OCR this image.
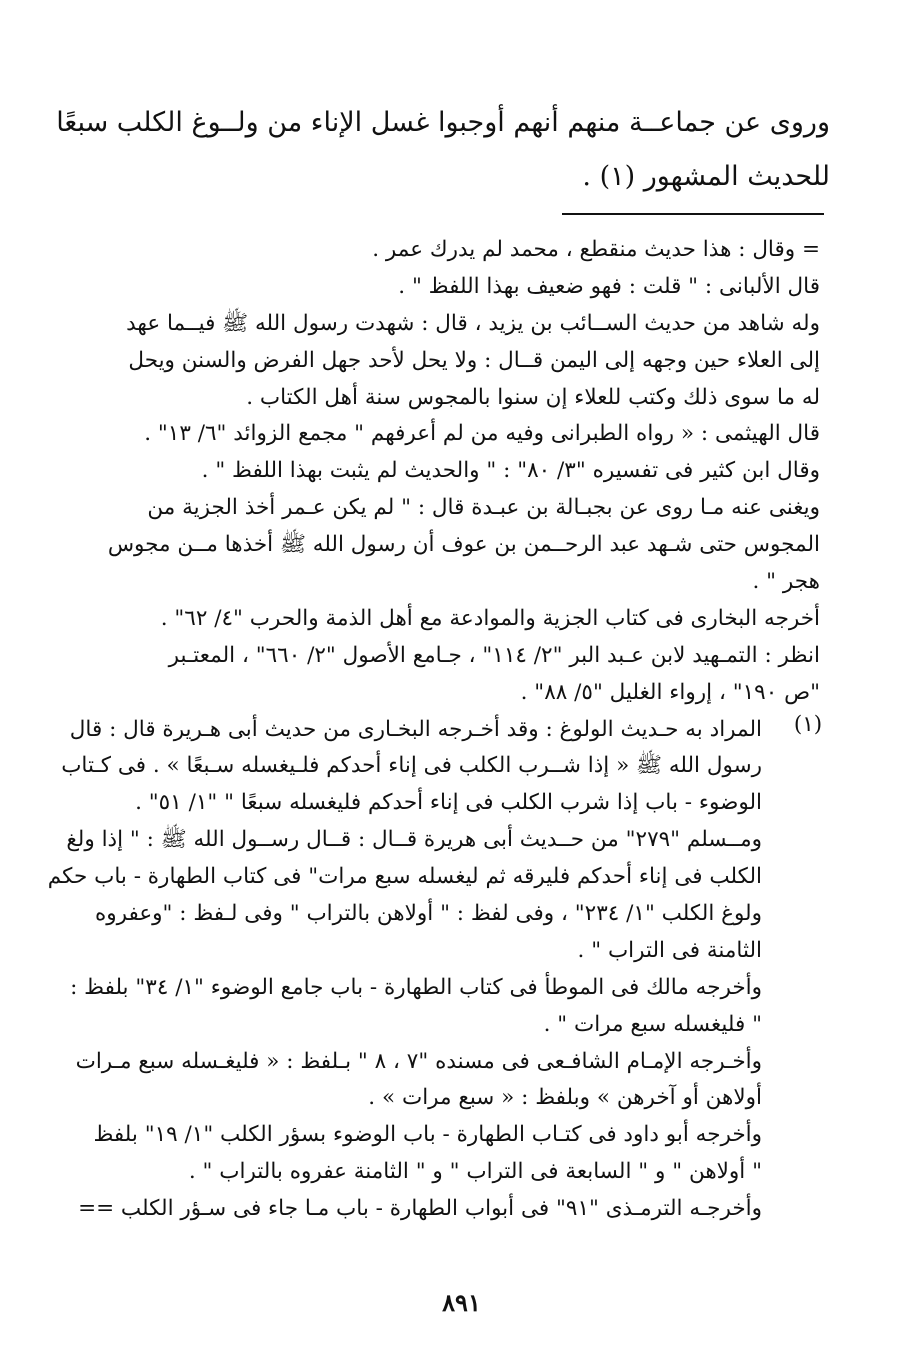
وروى عن جماعــة منهم أنهم أوجبوا غسل الإناء من ولــوغ الكلب سبعًا
للحديث المشهور (١) .
= وقال : هذا حديث منقطع ، محمد لم يدرك عمر .
قال الألبانى : " قلت : فهو ضعيف بهذا اللفظ " .
وله شاهد من حديث الســائب بن يزيد ، قال : شهدت رسول الله ﷺ فيــما عهد
إلى العلاء حين وجهه إلى اليمن قــال : ولا يحل لأحد جهل الفرض والسنن ويحل
له ما سوى ذلك وكتب للعلاء إن سنوا بالمجوس سنة أهل الكتاب .
قال الهيثمى : « رواه الطبرانى وفيه من لم أعرفهم " مجمع الزوائد "٦/ ١٣" .
وقال ابن كثير فى تفسيره "٣/ ٨٠" : " والحديث لم يثبت بهذا اللفظ " .
ويغنى عنه مـا روى عن بجبـالة بن عبـدة قال : " لم يكن عـمر أخذ الجزية من
المجوس حتى شـهد عبد الرحــمن بن عوف أن رسول الله ﷺ أخذها مــن مجوس
هجر " .
أخرجه البخارى فى كتاب الجزية والموادعة مع أهل الذمة والحرب "٤/ ٦٢" .
انظر : التمـهيد لابن عـبد البر "٢/ ١١٤" ، جـامع الأصول "٢/ ٦٦٠" ، المعتـبر
"ص ١٩٠" ، إرواء الغليل "٥/ ٨٨" .
(١)
المراد به حـديث الولوغ : وقد أخـرجه البخـارى من حديث أبى هـريرة قال : قال
رسول الله ﷺ « إذا شــرب الكلب فى إناء أحدكم فلـيغسله سـبعًا » . فى كـتاب
الوضوء - باب إذا شرب الكلب فى إناء أحدكم فليغسله سبعًا " "١/ ٥١" .
ومــسلم "٢٧٩" من حــديث أبى هريرة قــال : قــال رســول الله ﷺ : " إذا ولغ
الكلب فى إناء أحدكم فليرقه ثم ليغسله سبع مرات" فى كتاب الطهارة - باب حكم
ولوغ الكلب "١/ ٢٣٤" ، وفى لفظ : " أولاهن بالتراب " وفى لـفظ : "وعفروه
الثامنة فى التراب " .
وأخرجه مالك فى الموطأ فى كتاب الطهارة - باب جامع الوضوء "١/ ٣٤" بلفظ :
" فليغسله سبع مرات " .
وأخـرجه الإمـام الشافـعى فى مسنده "٧ ، ٨ " بـلفظ : « فليغـسله سبع مـرات
أولاهن أو آخرهن » وبلفظ : « سبع مرات » .
وأخرجه أبو داود فى كتـاب الطهارة - باب الوضوء بسؤر الكلب "١/ ١٩" بلفظ
" أولاهن " و " السابعة فى التراب " و " الثامنة عفروه بالتراب " .
وأخرجـه الترمـذى "٩١" فى أبواب الطهارة - باب مـا جاء فى سـؤر الكلب ==
٨٩١
